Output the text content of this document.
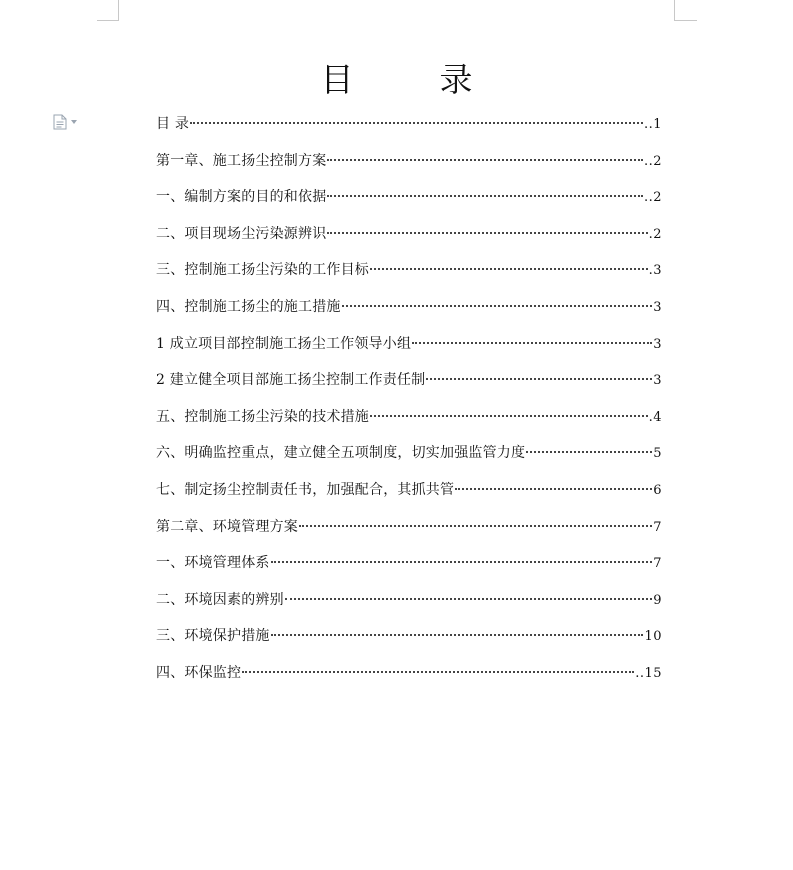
目	录
目 录	..1
第一章、施工扬尘控制方案	..2
一、编制方案的目的和依据	..2
二、项目现场尘污染源辨识	.2
三、控制施工扬尘污染的工作目标	.3
四、控制施工扬尘的施工措施	3
1 成立项目部控制施工扬尘工作领导小组	3
2 建立健全项目部施工扬尘控制工作责任制	3
五、控制施工扬尘污染的技术措施	.4
六、明确监控重点，建立健全五项制度，切实加强监管力度	5
七、制定扬尘控制责任书，加强配合，其抓共管	6
第二章、环境管理方案	7
一、环境管理体系	7
二、环境因素的辨别	9
三、环境保护措施	10
四、环保监控	..15
